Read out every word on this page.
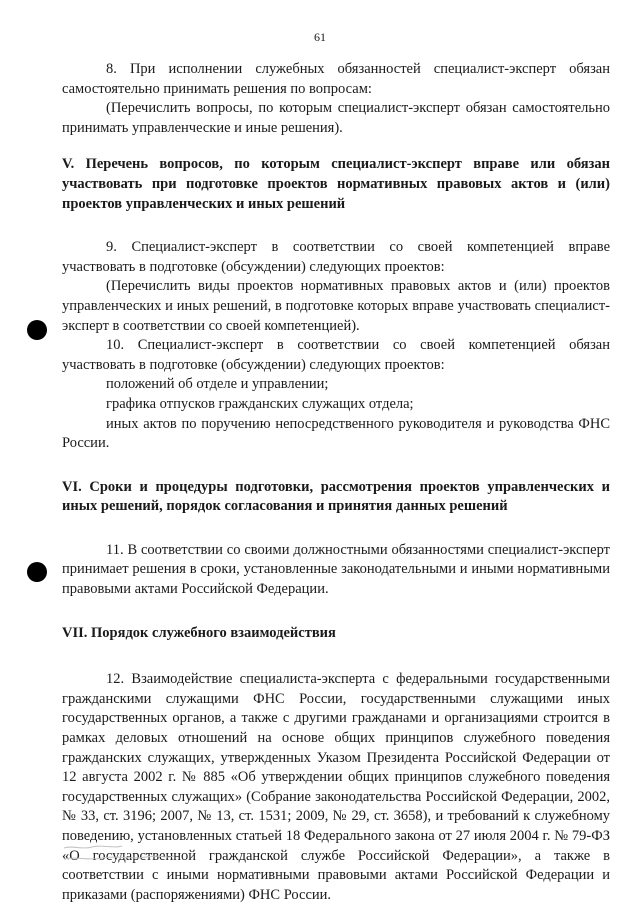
61

8. При исполнении служебных обязанностей специалист-эксперт обязан самостоятельно принимать решения по вопросам:

(Перечислить вопросы, по которым специалист-эксперт обязан самостоятельно принимать управленческие и иные решения).

V. Перечень вопросов, по которым специалист-эксперт вправе или обязан участвовать при подготовке проектов нормативных правовых актов и (или) проектов управленческих и иных решений

9. Специалист-эксперт в соответствии со своей компетенцией вправе участвовать в подготовке (обсуждении) следующих проектов:

(Перечислить виды проектов нормативных правовых актов и (или) проектов управленческих и иных решений, в подготовке которых вправе участвовать специалист-эксперт в соответствии со своей компетенцией).

10. Специалист-эксперт в соответствии со своей компетенцией обязан участвовать в подготовке (обсуждении) следующих проектов:

положений об отделе и управлении;

графика отпусков гражданских служащих отдела;

иных актов по поручению непосредственного руководителя и руководства ФНС России.

VI. Сроки и процедуры подготовки, рассмотрения проектов управленческих и иных решений, порядок согласования и принятия данных решений

11. В соответствии со своими должностными обязанностями специалист-эксперт принимает решения в сроки, установленные законодательными и иными нормативными правовыми актами Российской Федерации.

VII. Порядок служебного взаимодействия

12. Взаимодействие специалиста-эксперта с федеральными государственными гражданскими служащими ФНС России, государственными служащими иных государственных органов, а также с другими гражданами и организациями строится в рамках деловых отношений на основе общих принципов служебного поведения гражданских служащих, утвержденных Указом Президента Российской Федерации от 12 августа 2002 г. № 885 «Об утверждении общих принципов служебного поведения государственных служащих» (Собрание законодательства Российской Федерации, 2002, № 33, ст. 3196; 2007, № 13, ст. 1531; 2009, № 29, ст. 3658), и требований к служебному поведению, установленных статьей 18 Федерального закона от 27 июля 2004 г. № 79-ФЗ «О государственной гражданской службе Российской Федерации», а также в соответствии с иными нормативными правовыми актами Российской Федерации и приказами (распоряжениями) ФНС России.
